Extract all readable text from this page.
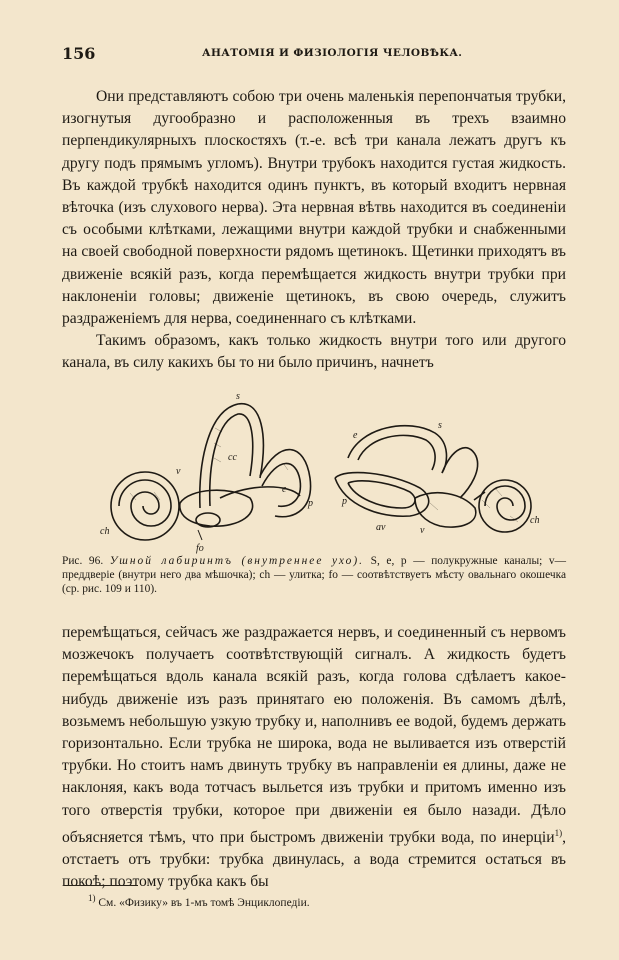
156	АНАТОМІЯ И ФИЗІОЛОГІЯ ЧЕЛОВѢКА.

Они представляютъ собою три очень маленькія перепончатыя трубки, изогнутыя дугообразно и расположенныя въ трехъ взаимно перпендикулярныхъ плоскостяхъ (т.-е. всѣ три канала лежатъ другъ къ другу подъ прямымъ угломъ). Внутри трубокъ находится густая жидкость. Въ каждой трубкѣ находится одинъ пунктъ, въ который входитъ нервная вѣточка (изъ слухового нерва). Эта нервная вѣтвь находится въ соединеніи съ особыми клѣтками, лежащими внутри каждой трубки и снабженными на своей свободной поверхности рядомъ щетинокъ. Щетинки приходятъ въ движеніе всякій разъ, когда перемѣщается жидкость внутри трубки при наклоненіи головы; движеніе щетинокъ, въ свою очередь, служитъ раздраженіемъ для нерва, соединеннаго съ клѣтками.

Такимъ образомъ, какъ только жидкость внутри того или другого канала, въ силу какихъ бы то ни было причинъ, начнетъ

s
cc
v
e
p
ch
fo
e
s
p
av	v
ch
Рис. 96. Ушной лабиринтъ (внутреннее ухо). S, e, p — полукружные каналы; v—преддверіе (внутри него два мѣшочка); ch — улитка; fo — соотвѣтствуетъ мѣсту овальнаго окошечка (ср. рис. 109 и 110).

перемѣщаться, сейчасъ же раздражается нервъ, и соединенный съ нервомъ мозжечокъ получаетъ соотвѣтствующій сигналъ. А жидкость будетъ перемѣщаться вдоль канала всякій разъ, когда голова сдѣлаетъ какое-нибудь движеніе изъ разъ принятаго ею положенія. Въ самомъ дѣлѣ, возьмемъ небольшую узкую трубку и, наполнивъ ее водой, будемъ держать горизонтально. Если трубка не широка, вода не выливается изъ отверстій трубки. Но стоитъ намъ двинуть трубку въ направленіи ея длины, даже не наклоняя, какъ вода тотчасъ выльется изъ трубки и притомъ именно изъ того отверстія трубки, которое при движеніи ея было назади. Дѣло объясняется тѣмъ, что при быстромъ движеніи трубки вода, по инерціи$^{1)}$, отстаетъ отъ трубки: трубка двинулась, а вода стремится остаться въ покоѣ; поэтому трубка какъ бы

$^{1)}$ См. «Физику» въ 1-мъ томѣ Энциклопедіи.
